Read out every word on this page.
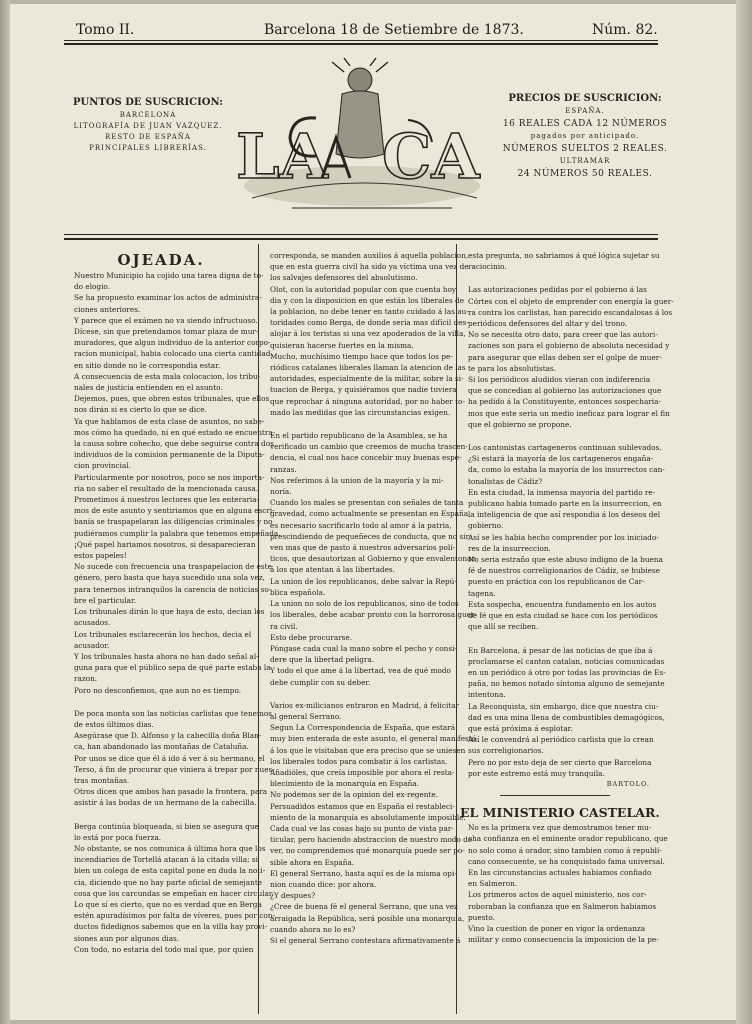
Tomo II.	Barcelona 18 de Setiembre de 1873.	Núm. 82.
PUNTOS DE SUSCRICION:
BARCELONA
LITOGRAFÍA DE JUAN VAZQUEZ.
RESTO DE ESPAÑA
PRINCIPALES LIBRERÍAS. LA CA
PRECIOS DE SUSCRICION:
ESPAÑA.
16 REALES CADA 12 NÚMEROS
pagados por anticipado.
NÚMEROS SUELTOS 2 REALES.
ULTRAMAR
24 NÚMEROS 50 REALES.

OJEADA.

Nuestro Municipio ha cojido una tarea digna de to-

do elogio.

Se ha propuesto examinar los actos de administra-

ciones anteriores.

Y parece que el exámen no va siendo infructuoso.

Dícese, sin que pretendamos tomar plaza de mur-

muradores, que algun individuo de la anterior corpo-

racion municipal, habia colocado una cierta cantidad

en sitio donde no le correspondia estar.

A consecuencia de esta mala colocacion, los tribu-

nales de justicia entienden en el asunto.

Dejemos, pues, que obren estos tribunales, que ellos

nos dirán si es cierto lo que se dice.

Ya que hablamos de esta clase de asuntos, no sabe-

mos cómo ha quedado, ni en qué estado se encuentra

la causa sobre cohecho, que debe seguirse contra dos

individuos de la comision permanente de la Diputa-

cion provincial.

Particularmente por nosotros, poco se nos importa-

ria no saber el resultado de la mencionada causa.

Prometimos á nuestros lectores que les enteraria-

mos de este asunto y sentiriamos que en alguna escri-

banía se traspapelaran las diligencias criminales y no

pudiéramos cumplir la palabra que tenemos empeñada.

¡Qué papel hariamos nosotros, si desaparecieran

estos papeles!

No sucede con frecuencia una traspapelacion de este

género, pero basta que haya sucedido una sola vez,

para tenernos intranquilos la carencia de noticias so-

bre el particular.

Los tribunales dirán lo que haya de esto, decian los

acusados.

Los tribunales esclarecerán los hechos, decia el

acusador.

Y los tribunales hasta ahora no han dado señal al-

guna para que el público sepa de qué parte estaba la

razon.

Poro no desconfiemos, que aun no es tiempo.

De poca monta son las noticias carlistas que tenemos

de estos últimos dias.

Asegúrase que D. Alfonso y la cabecilla doña Blan-

ca, han abandonado las montañas de Cataluña.

Por unos se dice que él á ido á ver á su hermano, el

Terso, á fin de procurar que viniera á trepar por nues-

tras montañas.

Otros dicen que ambos han pasado la frontera, para

asistir á las bodas de un hermano de la cabecilla.

Berga continúa bloqueada, si bien se asegura que

lo está por poca fuerza.

No obstante, se nos comunica á última hora que los

incendiarios de Tortellá atacan á la citada villa; si

bien un colega de esta capital pone en duda la noti-

cia, diciendo que no hay parte oficial de semejante

cosa que los carcundas se empeñan en hacer circular.

Lo que sí es cierto, que no es verdad que en Berga

estén apuradísimos por falta de víveres, pues por con-

ductos fidedignos sabemos que en la villa hay provi-

siones aun por algunos dias.

Con todo, no estaria del todo mal que, por quien

corresponda, se manden auxilios á aquella poblacion,

que en esta guerra civil ha sido ya víctima una vez de

los salvajes defensores del absolutismo.

Olot, con la autoridad popular con que cuenta hoy

dia y con la disposicion en que están los liberales de

la poblacion, no debe tener en tanto cuidado á las au-

toridades como Berga, de donde seria mas difícil des-

alojar á los teristas si una vez apoderados de la villa,

quisieran hacerse fuertes en la misma.

Mucho, muchísimo tiempo hace que todos los pe-

riódicos catalanes liberales llaman la atencion de las

autoridades, especialmente de la militar, sobre la si-

tuacion de Berga, y quisiéramos que nadie tuviera

que reprochar á ninguna autoridad, por no haber to-

mado las medidas que las circunstancias exigen.

En el partido republicano de la Asamblea, se ha

verificado un cambio que creemos de mucha trascen-

dencia, el cual nos hace concebir muy buenas espe-

ranzas.

Nos referimos á la union de la mayoría y la mi-

noría.

Cuando los males se presentan con señales de tanta

gravedad, como actualmente se presentan en España,

es necesario sacrificarlo todo al amor á la patria,

prescindiendo de pequeñeces de conducta, que no sir-

ven mas que de pasto á nuestros adversarios polí-

ticos, que desautorizan al Gobierno y que envalentonan

á los que atentan á las libertades.

La union de los republicanos, debe salvar la Repú-

blica española.

La union no solo de los republicanos, sino de todos

los liberales, debe acabar pronto con la horrorosa guer-

ra civil.

Esto debe procurarse.

Póngase cada cual la mano sobre el pecho y consi-

dere que la libertad peligra.

Y todo el que ame á la libertad, vea de qué modo

debe cumplir con su deber.

Varios ex-milicianos entraron en Madrid, á felicitar

al general Serrano.

Segun La Correspondencia de España, que estará

muy bien enterada de este asunto, el general manifestó

á los que le visitaban que era preciso que se uniesen

los liberales todos para combatir á los carlistas.

Añadióles, que creía imposible por ahora el resta-

blecimiento de la monarquía en España.

No podemos ser de la opinion del ex-regente.

Persuadidos estamos que en España el restableci-

miento de la monarquía es absolutamente imposible.

Cada cual ve las cosas bajo su punto de vista par-

ticular, pero haciendo abstraccion de nuestro modo de

ver, no comprendemos qué monarquía puede ser po-

sible ahora en España.

El general Serrano, hasta aquí es de la misma opi-

nion cuando dice: por ahora.

¿Y despues?

¿Cree de buena fé el general Serrano, que una vez

arraigada la República, será posible una monarquía,

cuando ahora no lo es?

Si el general Serrano contestara afirmativamente á

esta pregunta, no sabriamos á qué lógica sujetar su

raciocinio.

Las autorizaciones pedidas por el gobierno á las

Córtes con el objeto de emprender con energía la guer-

ra contra los carlistas, han parecido escandalosas á los

periódicos defensores del altar y del trono.

No se necesita otro dato, para creer que las autori-

zaciones son para el gobierno de absoluta necesidad y

para asegurar que ellas deben ser el golpe de muer-

te para los absolutistas.

Si los periódicos aludidos vieran con indiferencia

que se concedian al gobierno las autorizaciones que

ha pedido á la Constituyente, entonces sospecharia-

mos que este seria un medio ineficaz para lograr el fin

que el gobierno se propone.

Los cantonistas cartageneros continuan sublevados.

¿Si estará la mayoría de los cartageneros engaña-

da, como lo estaba la mayoría de los insurrectos can-

tonalistas de Cádiz?

En esta ciudad, la inmensa mayoría del partido re-

publicano habia tomado parte en la insurreccion, en

la inteligencia de que así respondia á los deseos del

gobierno.

Así se les habia hecho comprender por los iniciado-

res de la insurreccion.

No seria estraño que este abuso indigno de la buena

fé de nuestros correligionarios de Cádiz, se hubiese

puesto en práctica con los republicanos de Car-

tagena.

Esta sospecha, encuentra fundamento en los autos

de fé que en esta ciudad se hace con los periódicos

que allí se reciben.

En Barcelona, á pesar de las noticias de que iba á

proclamarse el canton catalan, noticias comunicadas

en un periódico á otro por todas las provincias de Es-

paña, no hemos notado síntoma alguno de semejante

intentona.

La Reconquista, sin embargo, dice que nuestra ciu-

dad es una mina llena de combustibles demagógicos,

que está próxima á esplotar.

Así le convendrá al periódico carlista que lo crean

sus correligionarios.

Pero no por esto deja de ser cierto que Barcelona

por este estremo está muy tranquila.

BARTOLO.

EL MINISTERIO CASTELAR.

No es la primera vez que demostramos tener mu-

cha confianza en el eminente orador republicano, que

no solo como á orador, sino tambien como á republi-

cano consecuente, se ha conquistado fama universal.

En las circunstancias actuales habiamos confiado

en Salmeron.

Los primeros actos de aquel ministerio, nos cor-

roboraban la confianza que en Salmeron habiamos

puesto.

Vino la cuestion de poner en vigor la ordenanza

militar y como consecuencia la imposicion de la pe-
